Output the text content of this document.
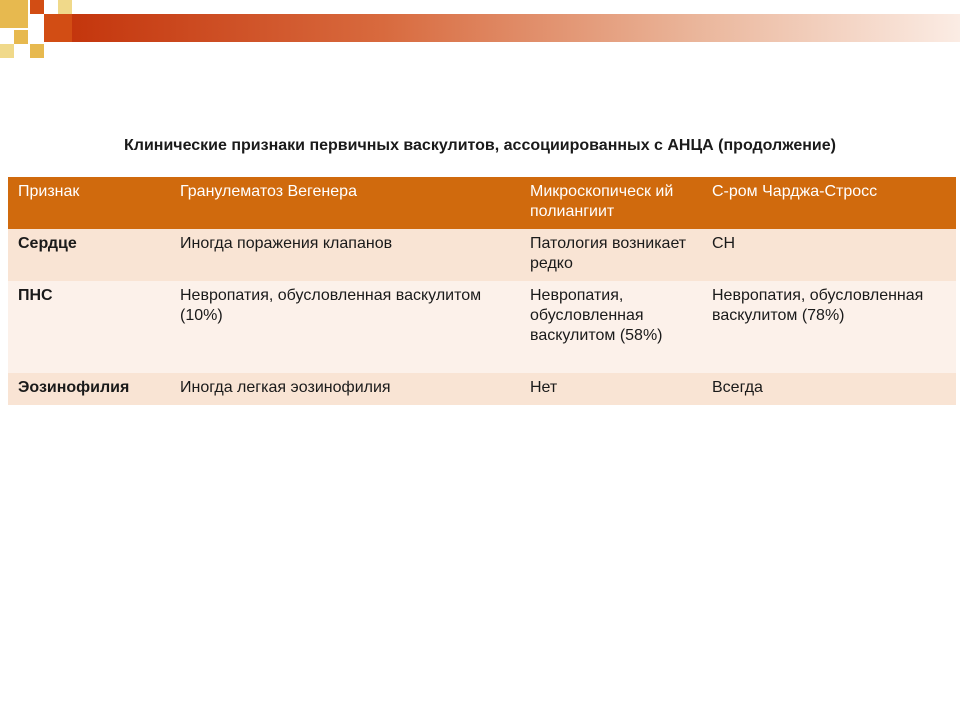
Клинические признаки первичных васкулитов, ассоциированных с АНЦА (продолжение)
Признак	Гранулематоз Вегенера	Микроскопическ ий полиангиит	С-ром Чарджа-Стросс
Сердце	Иногда поражения клапанов	Патология возникает редко	СН
ПНС	Невропатия, обусловленная васкулитом (10%)	Невропатия, обусловленная васкулитом (58%)	Невропатия, обусловленная васкулитом (78%)
Эозинофилия	Иногда легкая эозинофилия	Нет	Всегда
